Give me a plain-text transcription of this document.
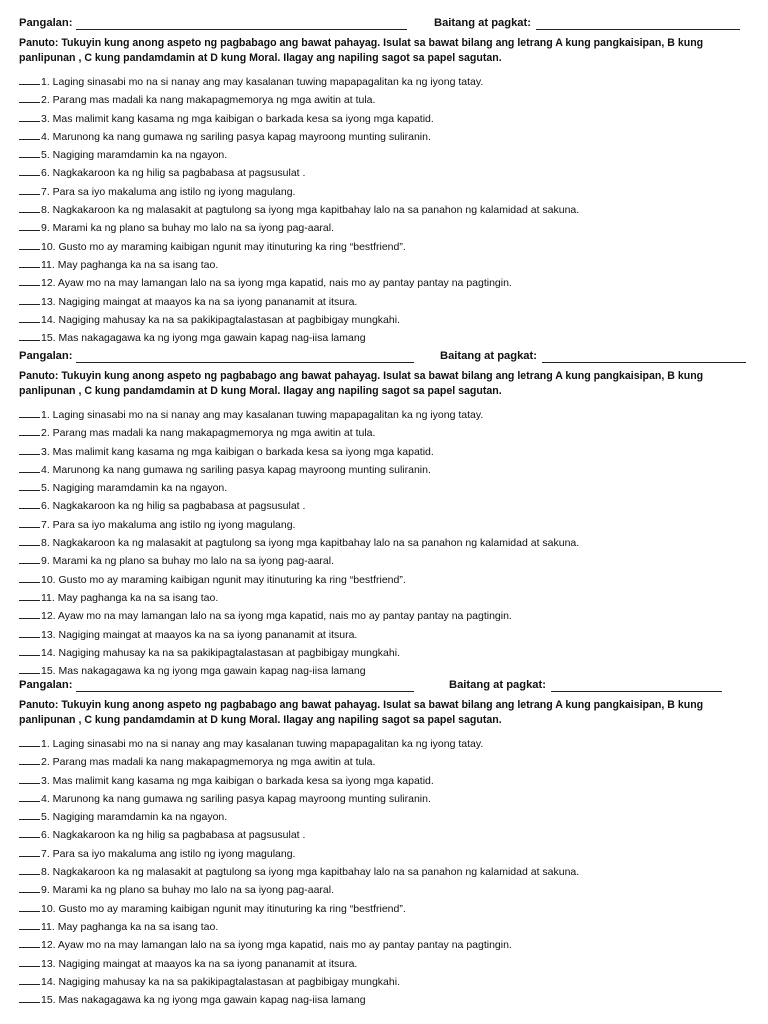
Pangalan:	Baitang at pagkat:

Panuto: Tukuyin kung anong aspeto ng pagbabago ang bawat pahayag. Isulat sa bawat bilang ang letrang A kung pangkaisipan, B kung panlipunan , C kung pandamdamin at D kung Moral. Ilagay ang napiling sagot sa papel sagutan.

1. Laging sinasabi mo na si nanay ang may kasalanan tuwing mapapagalitan ka ng iyong tatay.
2. Parang mas madali ka nang makapagmemorya ng mga awitin at tula.
3. Mas malimit kang kasama ng mga kaibigan o barkada kesa sa iyong mga kapatid.
4. Marunong ka nang gumawa ng sariling pasya kapag mayroong munting suliranin.
5. Nagiging maramdamin ka na ngayon.
6. Nagkakaroon ka ng hilig sa pagbabasa at pagsusulat .
7. Para sa iyo makaluma ang istilo ng iyong magulang.
8. Nagkakaroon ka ng malasakit at pagtulong sa iyong mga kapitbahay lalo na sa panahon ng kalamidad at sakuna.
9. Marami ka ng plano sa buhay mo lalo na sa iyong pag-aaral.
10. Gusto mo ay maraming kaibigan ngunit may itinuturing ka ring “bestfriend”.
11. May paghanga ka na sa isang tao.
12. Ayaw mo na may lamangan lalo na sa iyong mga kapatid, nais mo ay pantay pantay na pagtingin.
13. Nagiging maingat at maayos ka na sa iyong pananamit at itsura.
14. Nagiging mahusay ka na sa pakikipagtalastasan at pagbibigay mungkahi.
15. Mas nakagagawa ka ng iyong mga gawain kapag nag-iisa lamang
Pangalan:	Baitang at pagkat:

Panuto: Tukuyin kung anong aspeto ng pagbabago ang bawat pahayag. Isulat sa bawat bilang ang letrang A kung pangkaisipan, B kung panlipunan , C kung pandamdamin at D kung Moral. Ilagay ang napiling sagot sa papel sagutan.

1. Laging sinasabi mo na si nanay ang may kasalanan tuwing mapapagalitan ka ng iyong tatay.
2. Parang mas madali ka nang makapagmemorya ng mga awitin at tula.
3. Mas malimit kang kasama ng mga kaibigan o barkada kesa sa iyong mga kapatid.
4. Marunong ka nang gumawa ng sariling pasya kapag mayroong munting suliranin.
5. Nagiging maramdamin ka na ngayon.
6. Nagkakaroon ka ng hilig sa pagbabasa at pagsusulat .
7. Para sa iyo makaluma ang istilo ng iyong magulang.
8. Nagkakaroon ka ng malasakit at pagtulong sa iyong mga kapitbahay lalo na sa panahon ng kalamidad at sakuna.
9. Marami ka ng plano sa buhay mo lalo na sa iyong pag-aaral.
10. Gusto mo ay maraming kaibigan ngunit may itinuturing ka ring “bestfriend”.
11. May paghanga ka na sa isang tao.
12. Ayaw mo na may lamangan lalo na sa iyong mga kapatid, nais mo ay pantay pantay na pagtingin.
13. Nagiging maingat at maayos ka na sa iyong pananamit at itsura.
14. Nagiging mahusay ka na sa pakikipagtalastasan at pagbibigay mungkahi.
15. Mas nakagagawa ka ng iyong mga gawain kapag nag-iisa lamang
Pangalan:	Baitang at pagkat:

Panuto: Tukuyin kung anong aspeto ng pagbabago ang bawat pahayag. Isulat sa bawat bilang ang letrang A kung pangkaisipan, B kung panlipunan , C kung pandamdamin at D kung Moral. Ilagay ang napiling sagot sa papel sagutan.

1. Laging sinasabi mo na si nanay ang may kasalanan tuwing mapapagalitan ka ng iyong tatay.
2. Parang mas madali ka nang makapagmemorya ng mga awitin at tula.
3. Mas malimit kang kasama ng mga kaibigan o barkada kesa sa iyong mga kapatid.
4. Marunong ka nang gumawa ng sariling pasya kapag mayroong munting suliranin.
5. Nagiging maramdamin ka na ngayon.
6. Nagkakaroon ka ng hilig sa pagbabasa at pagsusulat .
7. Para sa iyo makaluma ang istilo ng iyong magulang.
8. Nagkakaroon ka ng malasakit at pagtulong sa iyong mga kapitbahay lalo na sa panahon ng kalamidad at sakuna.
9. Marami ka ng plano sa buhay mo lalo na sa iyong pag-aaral.
10. Gusto mo ay maraming kaibigan ngunit may itinuturing ka ring “bestfriend”.
11. May paghanga ka na sa isang tao.
12. Ayaw mo na may lamangan lalo na sa iyong mga kapatid, nais mo ay pantay pantay na pagtingin.
13. Nagiging maingat at maayos ka na sa iyong pananamit at itsura.
14. Nagiging mahusay ka na sa pakikipagtalastasan at pagbibigay mungkahi.
15. Mas nakagagawa ka ng iyong mga gawain kapag nag-iisa lamang
